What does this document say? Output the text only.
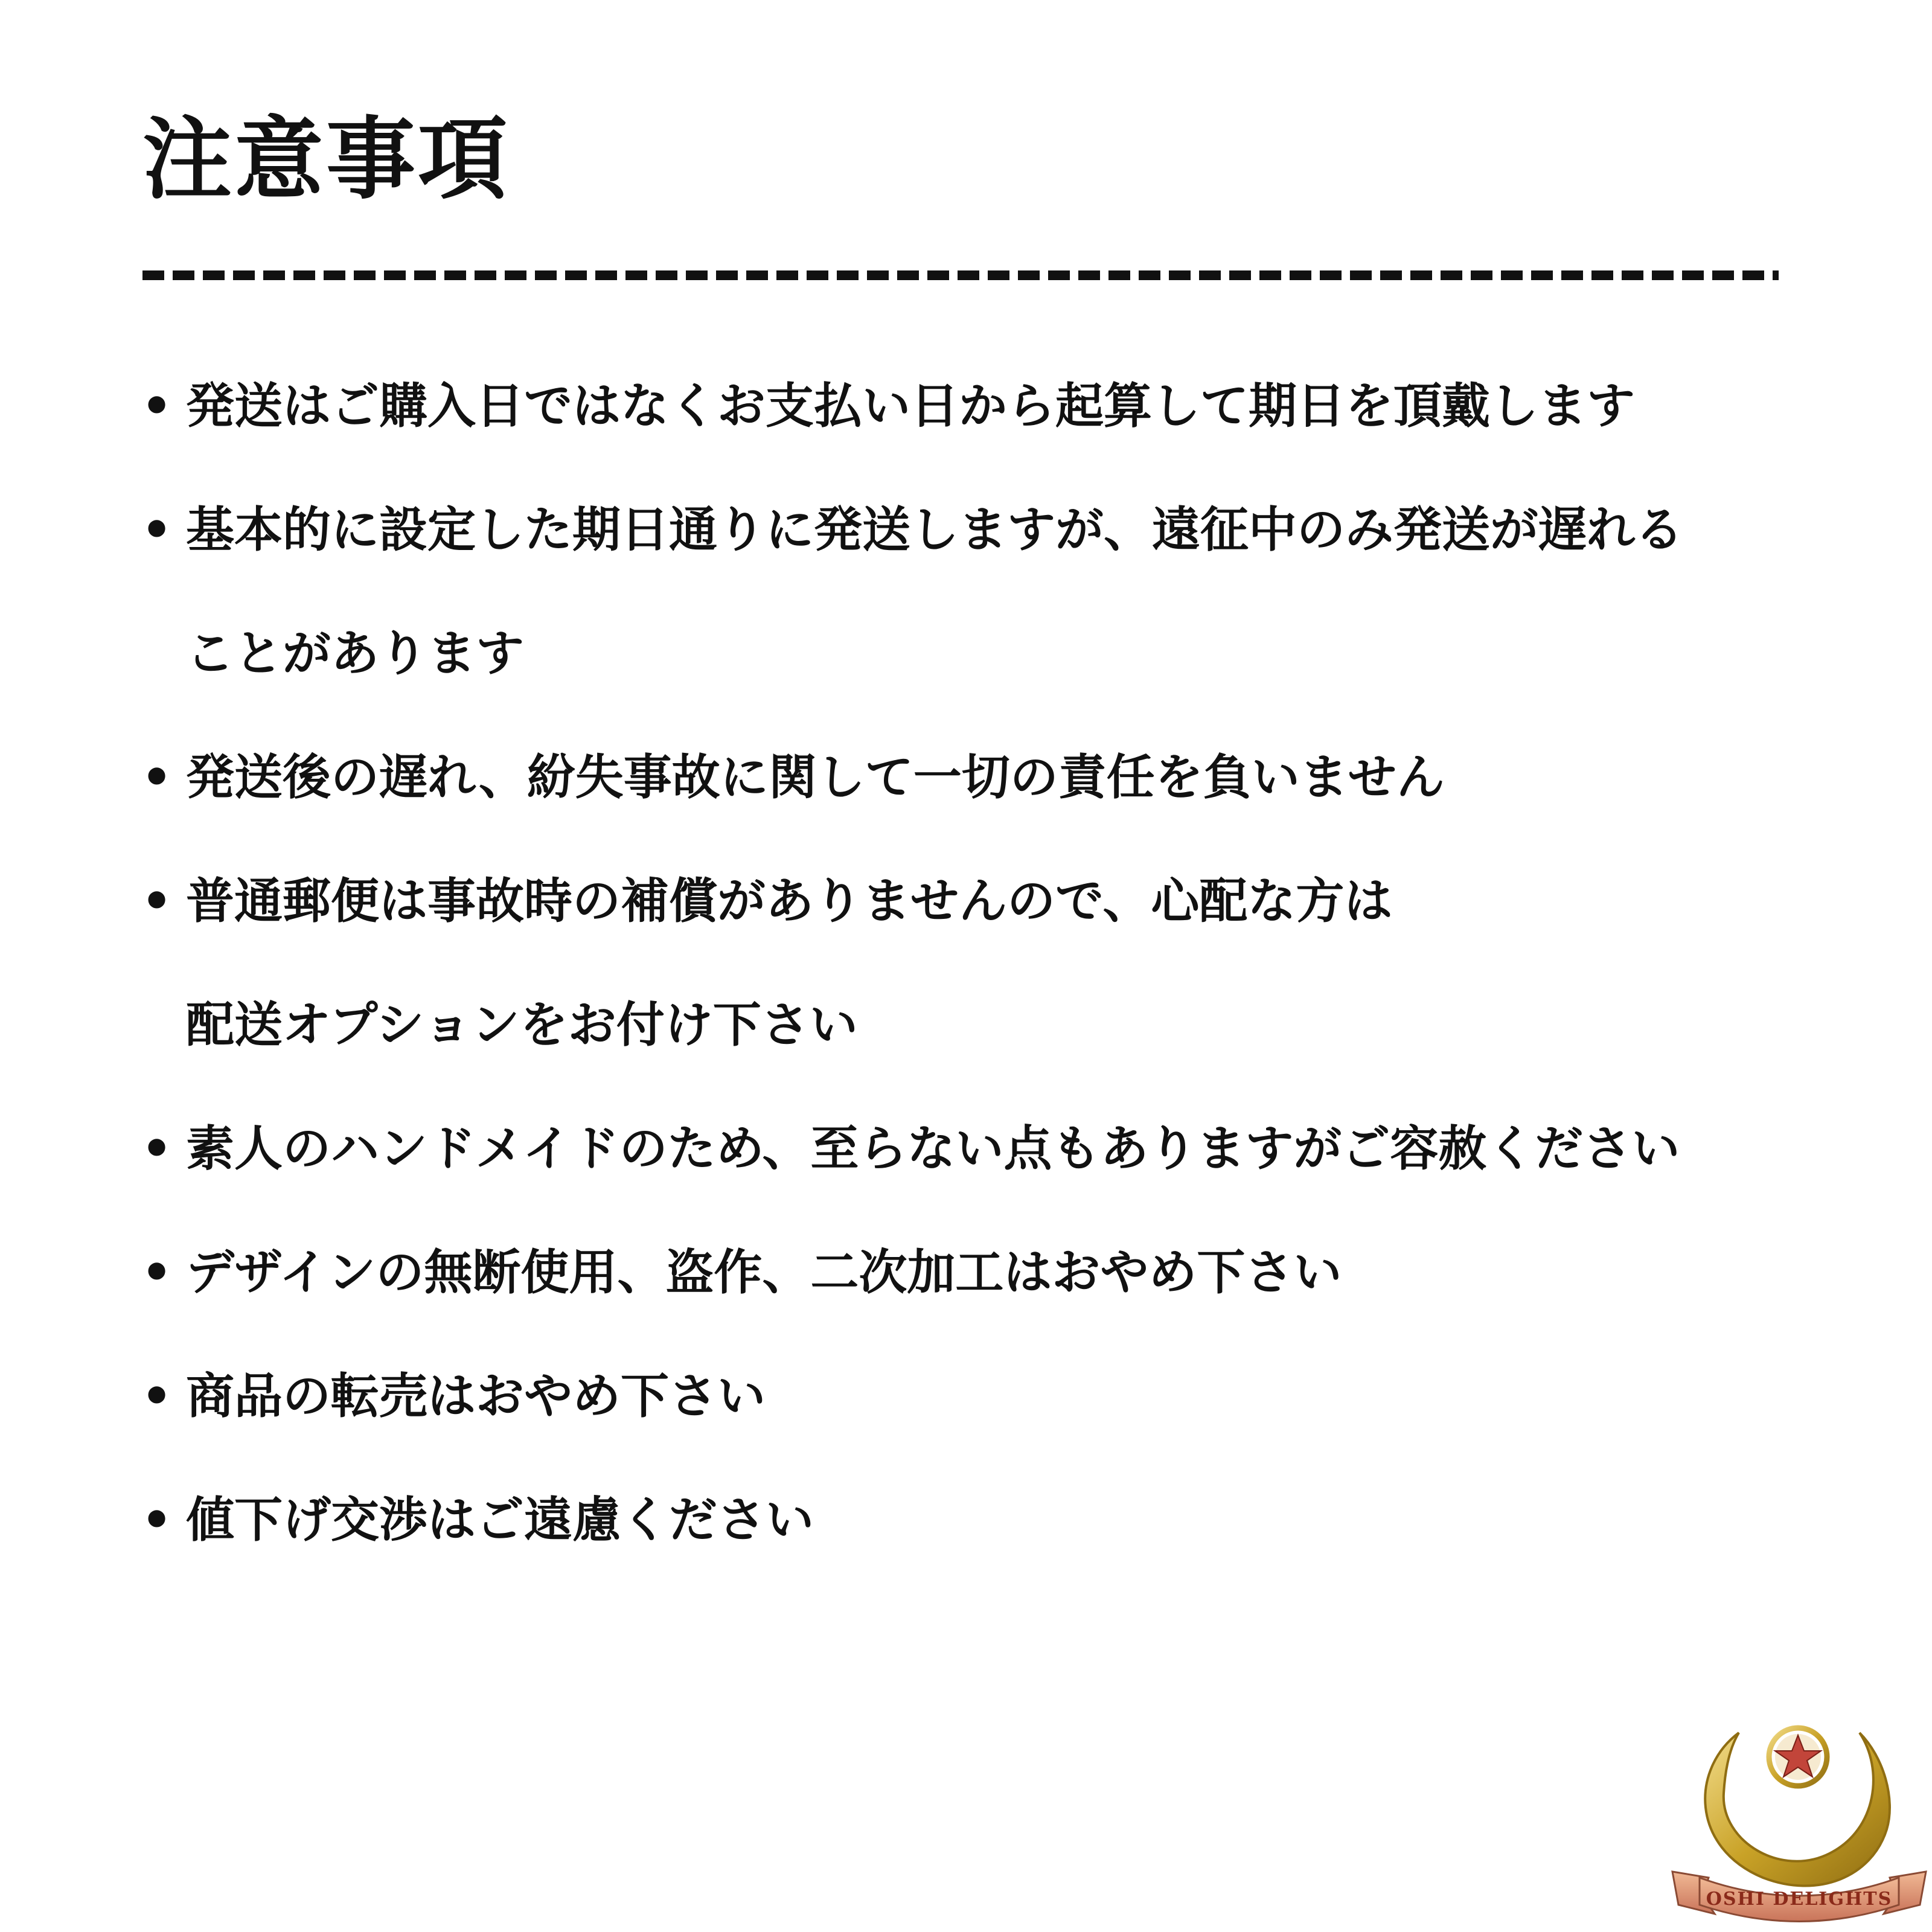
注意事項
• 発送はご購入日ではなくお支払い日から起算して期日を頂戴します
• 基本的に設定した期日通りに発送しますが、遠征中のみ発送が遅れる
ことがあります
• 発送後の遅れ、紛失事故に関して一切の責任を負いません
• 普通郵便は事故時の補償がありませんので、心配な方は
配送オプションをお付け下さい
• 素人のハンドメイドのため、至らない点もありますがご容赦ください
• デザインの無断使用、盗作、二次加工はおやめ下さい
• 商品の転売はおやめ下さい
• 値下げ交渉はご遠慮ください
OSHI DELIGHTS
